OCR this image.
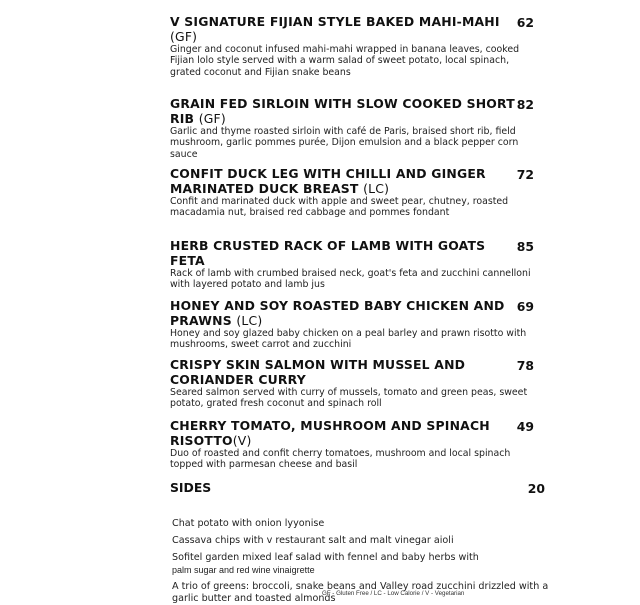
V SIGNATURE FIJIAN STYLE BAKED MAHI-MAHI (GF)
62
Ginger and coconut infused mahi-mahi wrapped in banana leaves, cooked Fijian lolo style served with a warm salad of sweet potato, local spinach, grated coconut and Fijian snake beans
GRAIN FED SIRLOIN WITH SLOW COOKED SHORT RIB (GF)
82
Garlic and thyme roasted sirloin with café de Paris, braised short rib, field mushroom, garlic pommes purée, Dijon emulsion and a black pepper corn sauce
CONFIT DUCK LEG WITH CHILLI AND GINGER MARINATED DUCK BREAST (LC)
72
Confit and marinated duck with apple and sweet pear, chutney, roasted macadamia nut, braised red cabbage and pommes fondant
HERB CRUSTED RACK OF LAMB WITH GOATS FETA
85
Rack of lamb with crumbed braised neck, goat's feta and zucchini cannelloni with layered potato and lamb jus
HONEY AND SOY ROASTED BABY CHICKEN AND PRAWNS (LC)
69
Honey and soy glazed baby chicken on a peal barley and prawn risotto with mushrooms, sweet carrot and zucchini
CRISPY SKIN SALMON WITH MUSSEL AND CORIANDER CURRY
78
Seared salmon served with curry of mussels, tomato and green peas, sweet potato, grated fresh coconut and spinach roll
CHERRY TOMATO, MUSHROOM AND SPINACH RISOTTO(V)
49
Duo of roasted and confit cherry tomatoes, mushroom and local spinach topped with parmesan cheese and basil
SIDES	20
Chat potato with onion lyyonise
Cassava chips with v restaurant salt and malt vinegar aioli
Sofitel garden mixed leaf salad with fennel and baby herbs with
palm sugar and red wine vinaigrette
A trio of greens: broccoli, snake beans and Valley road zucchini drizzled with a garlic butter and toasted almonds
GF - Gluten Free / LC - Low Calorie / V - Vegetarian
